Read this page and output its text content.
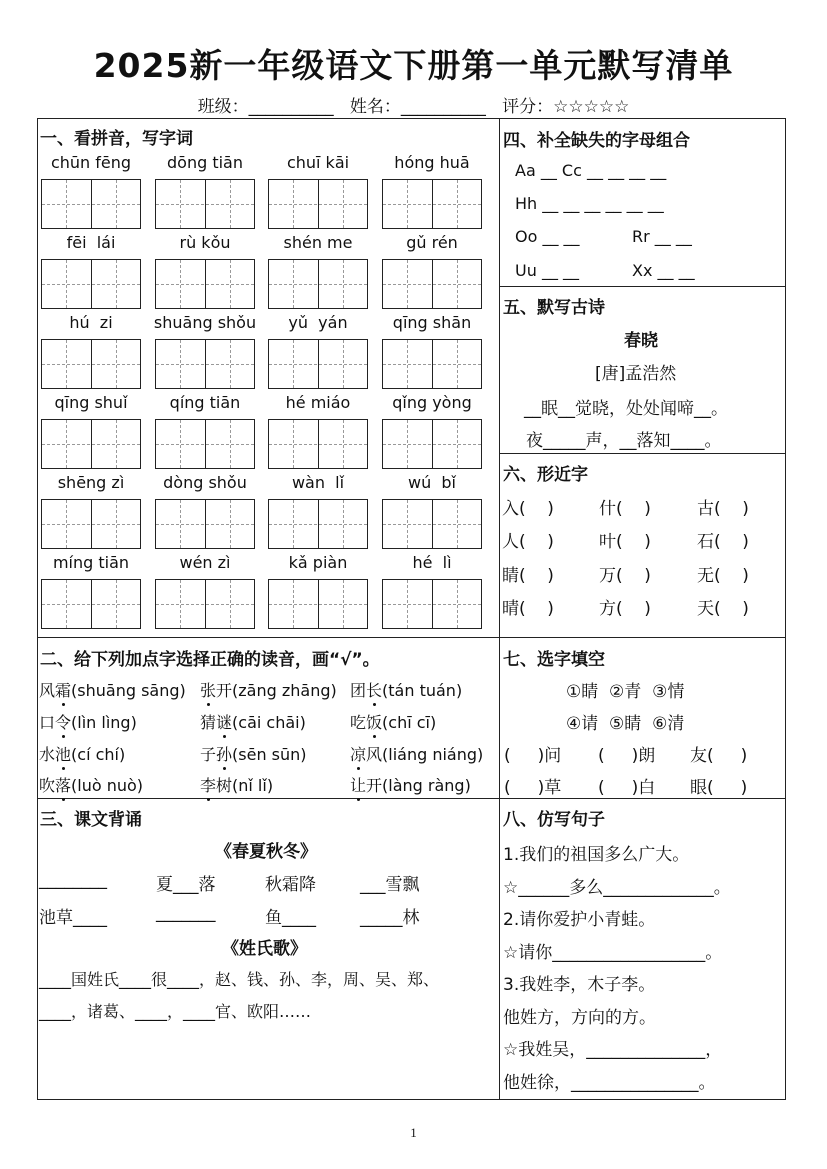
2025新一年级语文下册第一单元默写清单
班级：__________   姓名：__________   评分：☆☆☆☆☆
一、看拼音，写字词
chūn fēng	dōng tiān	chuī kāi	hóng huā
fēi  lái	rù kǒu	shén me	gǔ rén
hú  zi	shuāng shǒu	yǔ  yán	qīng shān
qīng shuǐ	qíng tiān	hé miáo	qǐng yòng
shēng zì	dòng shǒu	wàn  lǐ	wú  bǐ
míng tiān	wén zì	kǎ piàn	hé  lì
二、给下列加点字选择正确的读音，画“√”。
风霜(shuāng sāng) 张开(zāng zhāng) 团长(tán tuán)
口令(lìn lìng)	猜谜(cāi chāi)	吃饭(chī cī)
水池(cí chí)	子孙(sēn sūn)	凉风(liáng niáng)
吹落(luò nuò)	李树(nǐ lǐ)	让开(làng ràng)
三、课文背诵
《春夏秋冬》
________	夏___落	秋霜降	___雪飘
池草____	_______	鱼____	_____林
《姓氏歌》
____国姓氏____很____，赵、钱、孙、李，周、吴、郑、
____，诸葛、____，____官、欧阳……
四、补全缺失的字母组合
Aa __ Cc __ __ __ __
Hh __ __ __ __ __ __
Oo __ __	Rr __ __
Uu __ __	Xx __ __
五、默写古诗
春晓
[唐]孟浩然
__眠__觉晓，处处闻啼__。
夜_____声，__落知____。
六、形近字
入(    )	什(    )	古(    )
人(    )	叶(    )	石(    )
睛(    )	万(    )	无(    )
晴(    )	方(    )	天(    )
七、选字填空
①睛  ②青  ③情
④请  ⑤睛  ⑥清
(     )问 (     )朗 友(     )
(     )草 (     )白 眼(     )
八、仿写句子
1.我们的祖国多么广大。
☆______多么_____________。
2.请你爱护小青蛙。
☆请你__________________。
3.我姓李，木子李。
他姓方，方向的方。
☆我姓吴，______________，
他姓徐，_______________。
1
